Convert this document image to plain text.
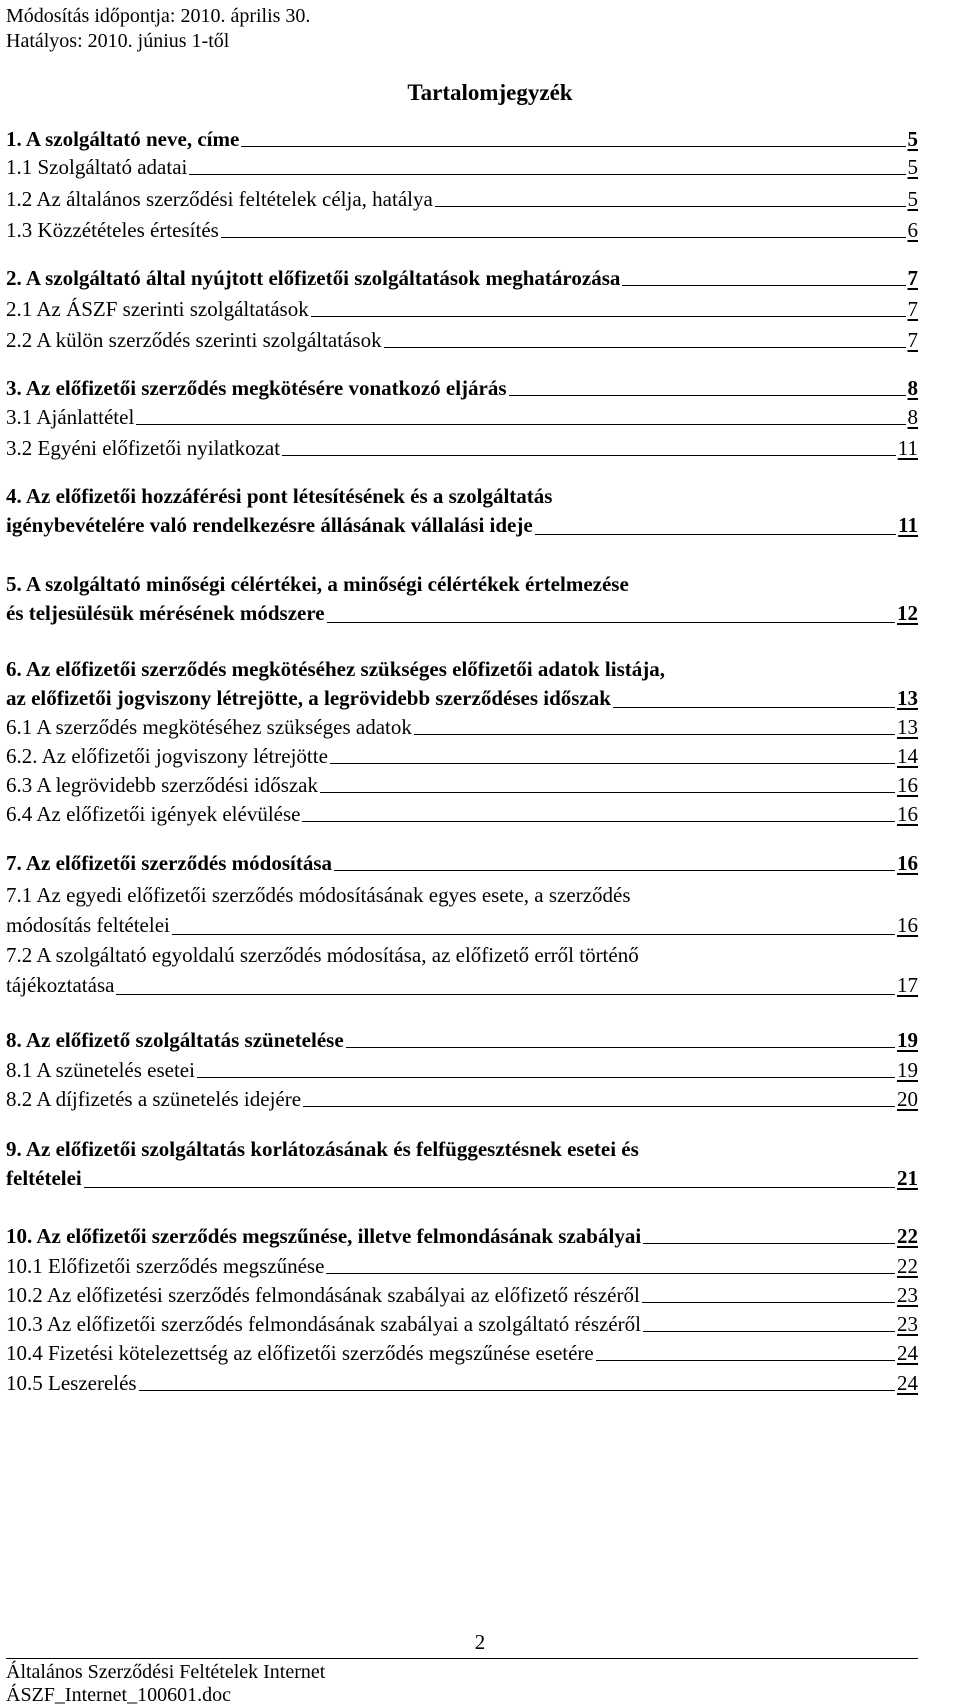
Módosítás időpontja: 2010. április 30.
Hatályos: 2010. június 1-től
Tartalomjegyzék
1. A szolgáltató neve, címe	5
1.1 Szolgáltató adatai	5
1.2 Az általános szerződési feltételek célja, hatálya	5
1.3 Közzétételes értesítés	6
2. A szolgáltató által nyújtott előfizetői szolgáltatások meghatározása	7
2.1 Az ÁSZF szerinti szolgáltatások	7
2.2 A külön szerződés szerinti szolgáltatások	7
3. Az előfizetői szerződés megkötésére vonatkozó eljárás	8
3.1 Ajánlattétel	8
3.2 Egyéni előfizetői nyilatkozat	11
4. Az előfizetői hozzáférési pont létesítésének és a szolgáltatás
igénybevételére való rendelkezésre állásának vállalási ideje	11
5. A szolgáltató minőségi célértékei, a minőségi célértékek értelmezése
és teljesülésük mérésének módszere	12
6. Az előfizetői szerződés megkötéséhez szükséges előfizetői adatok listája,
az előfizetői jogviszony létrejötte, a legrövidebb szerződéses időszak	13
6.1 A szerződés megkötéséhez szükséges adatok	13
6.2. Az előfizetői jogviszony létrejötte	14
6.3 A legrövidebb szerződési időszak	16
6.4 Az előfizetői igények elévülése	16
7. Az előfizetői szerződés módosítása	16
7.1 Az egyedi előfizetői szerződés módosításának egyes esete, a szerződés
módosítás feltételei	16
7.2 A szolgáltató egyoldalú szerződés módosítása, az előfizető erről történő
tájékoztatása	17
8. Az előfizető szolgáltatás szünetelése	19
8.1 A szünetelés esetei	19
8.2 A díjfizetés a szünetelés idejére	20
9. Az előfizetői szolgáltatás korlátozásának és felfüggesztésnek esetei és
feltételei	21
10. Az előfizetői szerződés megszűnése, illetve felmondásának szabályai	22
10.1 Előfizetői szerződés megszűnése	22
10.2 Az előfizetési szerződés felmondásának szabályai az előfizető részéről	23
10.3 Az előfizetői szerződés felmondásának szabályai a szolgáltató részéről	23
10.4 Fizetési kötelezettség az előfizetői szerződés megszűnése esetére	24
10.5 Leszerelés	24
2
Általános Szerződési Feltételek Internet
ÁSZF_Internet_100601.doc
